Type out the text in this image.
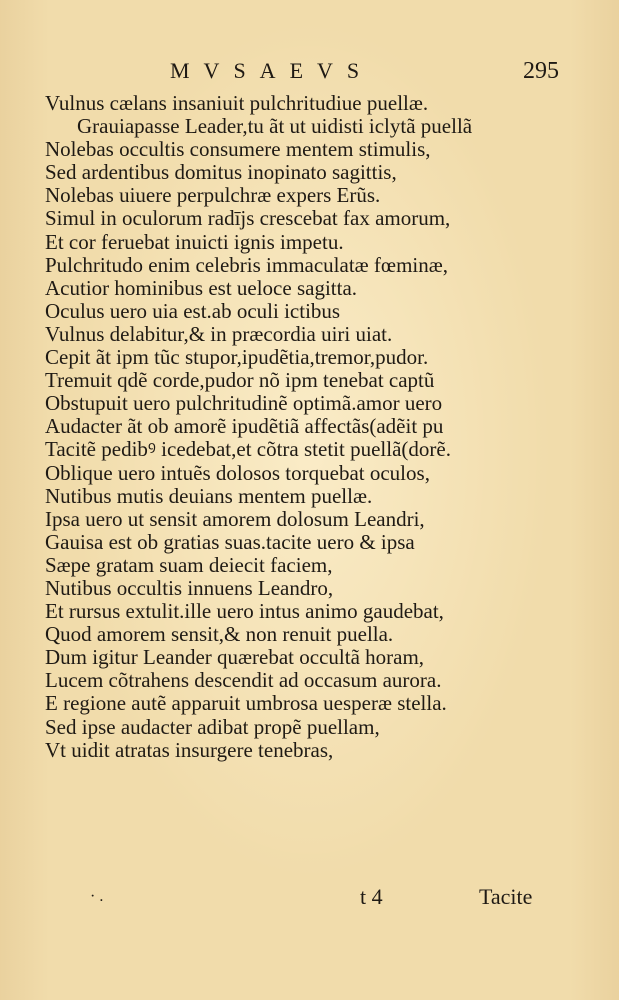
MVSAEVS	295
Vulnus cælans insaniuit pulchritudiue puellæ.
Grauiapasse Leader,tu ãt ut uidisti iclytã puellã
Nolebas occultis consumere mentem stimulis,
Sed ardentibus domitus inopinato sagittis,
Nolebas uiuere perpulchræ expers Erũs.
Simul in oculorum radījs crescebat fax amorum,
Et cor feruebat inuicti ignis impetu.
Pulchritudo enim celebris immaculatæ fœminæ,
Acutior hominibus est ueloce sagitta.
Oculus uero uia est.ab oculi ictibus
Vulnus delabitur,& in præcordia uiri uiat.
Cepit ãt ipm tũc stupor,ipudẽtia,tremor,pudor.
Tremuit qdẽ corde,pudor nõ ipm tenebat captũ
Obstupuit uero pulchritudinẽ optimã.amor uero
Audacter ãt ob amorẽ ipudẽtiã affectãs(adẽit pu
Tacitẽ pedibꝰ icedebat,et cõtra stetit puellã(dorẽ.
Oblique uero intuẽs dolosos torquebat oculos,
Nutibus mutis deuians mentem puellæ.
Ipsa uero ut sensit amorem dolosum Leandri,
Gauisa est ob gratias suas.tacite uero & ipsa
Sæpe gratam suam deiecit faciem,
Nutibus occultis innuens Leandro,
Et rursus extulit.ille uero intus animo gaudebat,
Quod amorem sensit,& non renuit puella.
Dum igitur Leander quærebat occultã horam,
Lucem cõtrahens descendit ad occasum aurora.
E regione autẽ apparuit umbrosa uesperæ stella.
Sed ipse audacter adibat propẽ puellam,
Vt uidit atratas insurgere tenebras,
· .	t 4	Tacite
